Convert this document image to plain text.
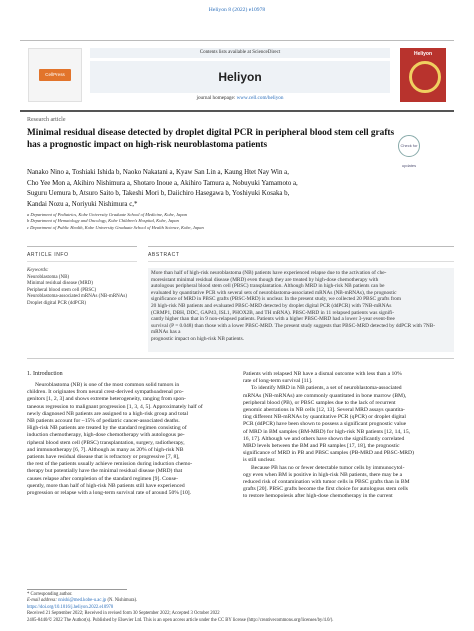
Heliyon 8 (2022) e10978
CellPress
Contents lists available at ScienceDirect
Heliyon
journal homepage: www.cell.com/heliyon
Heliyon
Research article
Minimal residual disease detected by droplet digital PCR in peripheral blood stem cell grafts has a prognostic impact on high-risk neuroblastoma patients	Check for updates
Nanako Nino a, Toshiaki Ishida b, Naoko Nakatani a, Kyaw San Lin a, Kaung Htet Nay Win a,
Cho Yee Mon a, Akihiro Nishimura a, Shotaro Inoue a, Akihiro Tamura a, Nobuyuki Yamamoto a,
Suguru Uemura b, Atsuro Saito b, Takeshi Mori b, Daiichiro Hasegawa b, Yoshiyuki Kosaka b,
Kandai Nozu a, Noriyuki Nishimura c,*
a Department of Pediatrics, Kobe University Graduate School of Medicine, Kobe, Japan
b Department of Hematology and Oncology, Kobe Children's Hospital, Kobe, Japan
c Department of Public Health, Kobe University Graduate School of Health Science, Kobe, Japan
ARTICLE INFO
Keywords:
Neuroblastoma (NB)
Minimal residual disease (MRD)
Peripheral blood stem cell (PBSC)
Neuroblastoma-associated mRNAs (NB-mRNAs)
Droplet digital PCR (ddPCR)
ABSTRACT
More than half of high-risk neuroblastoma (NB) patients have experienced relapse due to the activation of che-
moresistant minimal residual disease (MRD) even though they are treated by high-dose chemotherapy with
autologous peripheral blood stem cell (PBSC) transplantation. Although MRD in high-risk NB patients can be
evaluated by quantitative PCR with several sets of neuroblastoma-associated mRNAs (NB-mRNAs), the prognostic
significance of MRD in PBSC grafts (PBSC-MRD) is unclear. In the present study, we collected 20 PBSC grafts from
20 high-risk NB patients and evaluated PBSC-MRD detected by droplet digital PCR (ddPCR) with 7NB-mRNAs
(CRMP1, DBH, DDC, GAP43, ISL1, PHOX2B, and TH mRNA). PBSC-MRD in 11 relapsed patients was signifi-
cantly higher than that in 9 non-relapsed patients. Patients with a higher PBSC-MRD had a lower 3-year event-free
survival (P = 0.048) than those with a lower PBSC-MRD. The present study suggests that PBSC-MRD detected by ddPCR with 7NB-mRNAs has a
prognostic impact on high-risk NB patients.
1. Introduction
Neuroblastoma (NB) is one of the most common solid tumors in
children. It originates from neural crest-derived sympathoadrenal pro-
genitors [1, 2, 3] and shows extreme heterogeneity, ranging from spon-
taneous regression to malignant progression [1, 3, 4, 5]. Approximately half of
newly diagnosed NB patients are assigned to a high-risk group and total
NB patients account for ~15% of pediatric cancer-associated deaths.
High-risk NB patients are treated by the standard regimen consisting of
induction chemotherapy, high-dose chemotherapy with autologous pe-
ripheral blood stem cell (PBSC) transplantation, surgery, radiotherapy,
and immunotherapy [6, 7]. Although as many as 20% of high-risk NB
patients have residual disease that is refractory or progressive [7, 8],
the rest of the patients usually achieve remission during induction chemo-
therapy but potentially have the minimal residual disease (MRD) that
causes relapse after completion of the standard regimen [9]. Conse-
quently, more than half of high-risk NB patients still have experienced
progression or relapse with a long-term survival rate of around 50% [10].
Patients with relapsed NB have a dismal outcome with less than a 10%
rate of long-term survival [11].
To identify MRD in NB patients, a set of neuroblastoma-associated
mRNAs (NB-mRNAs) are commonly quantitated in bone marrow (BM),
peripheral blood (PB), or PBSC samples due to the lack of recurrent
genomic aberrations in NB cells [12, 13]. Several MRD assays quantita-
ting different NB-mRNAs by quantitative PCR (qPCR) or droplet digital
PCR (ddPCR) have been shown to possess a significant prognostic value
of MRD in BM samples (BM-MRD) for high-risk NB patients [12, 14, 15,
16, 17]. Although we and others have shown the significantly correlated
MRD levels between the BM and PB samples [17, 18], the prognostic
significance of MRD in PB and PBSC samples (PB-MRD and PBSC-MRD)
is still unclear.
Because PB has no or fewer detectable tumor cells by immunocytol-
ogy even when BM is positive in high-risk NB patients, there may be a
reduced risk of contamination with tumor cells in PBSC grafts than in BM
grafts [20]. PBSC grafts become the first choice for autologous stem cells
to restore hemopoiesis after high-dose chemotherapy in the current
* Corresponding author.
E-mail address: nnishi@med.kobe-u.ac.jp (N. Nishimura).
https://doi.org/10.1016/j.heliyon.2022.e10978
Received 21 September 2022; Received in revised form 30 September 2022; Accepted 3 October 2022
2405-8440/© 2022 The Author(s). Published by Elsevier Ltd. This is an open access article under the CC BY license (http://creativecommons.org/licenses/by/4.0/).
